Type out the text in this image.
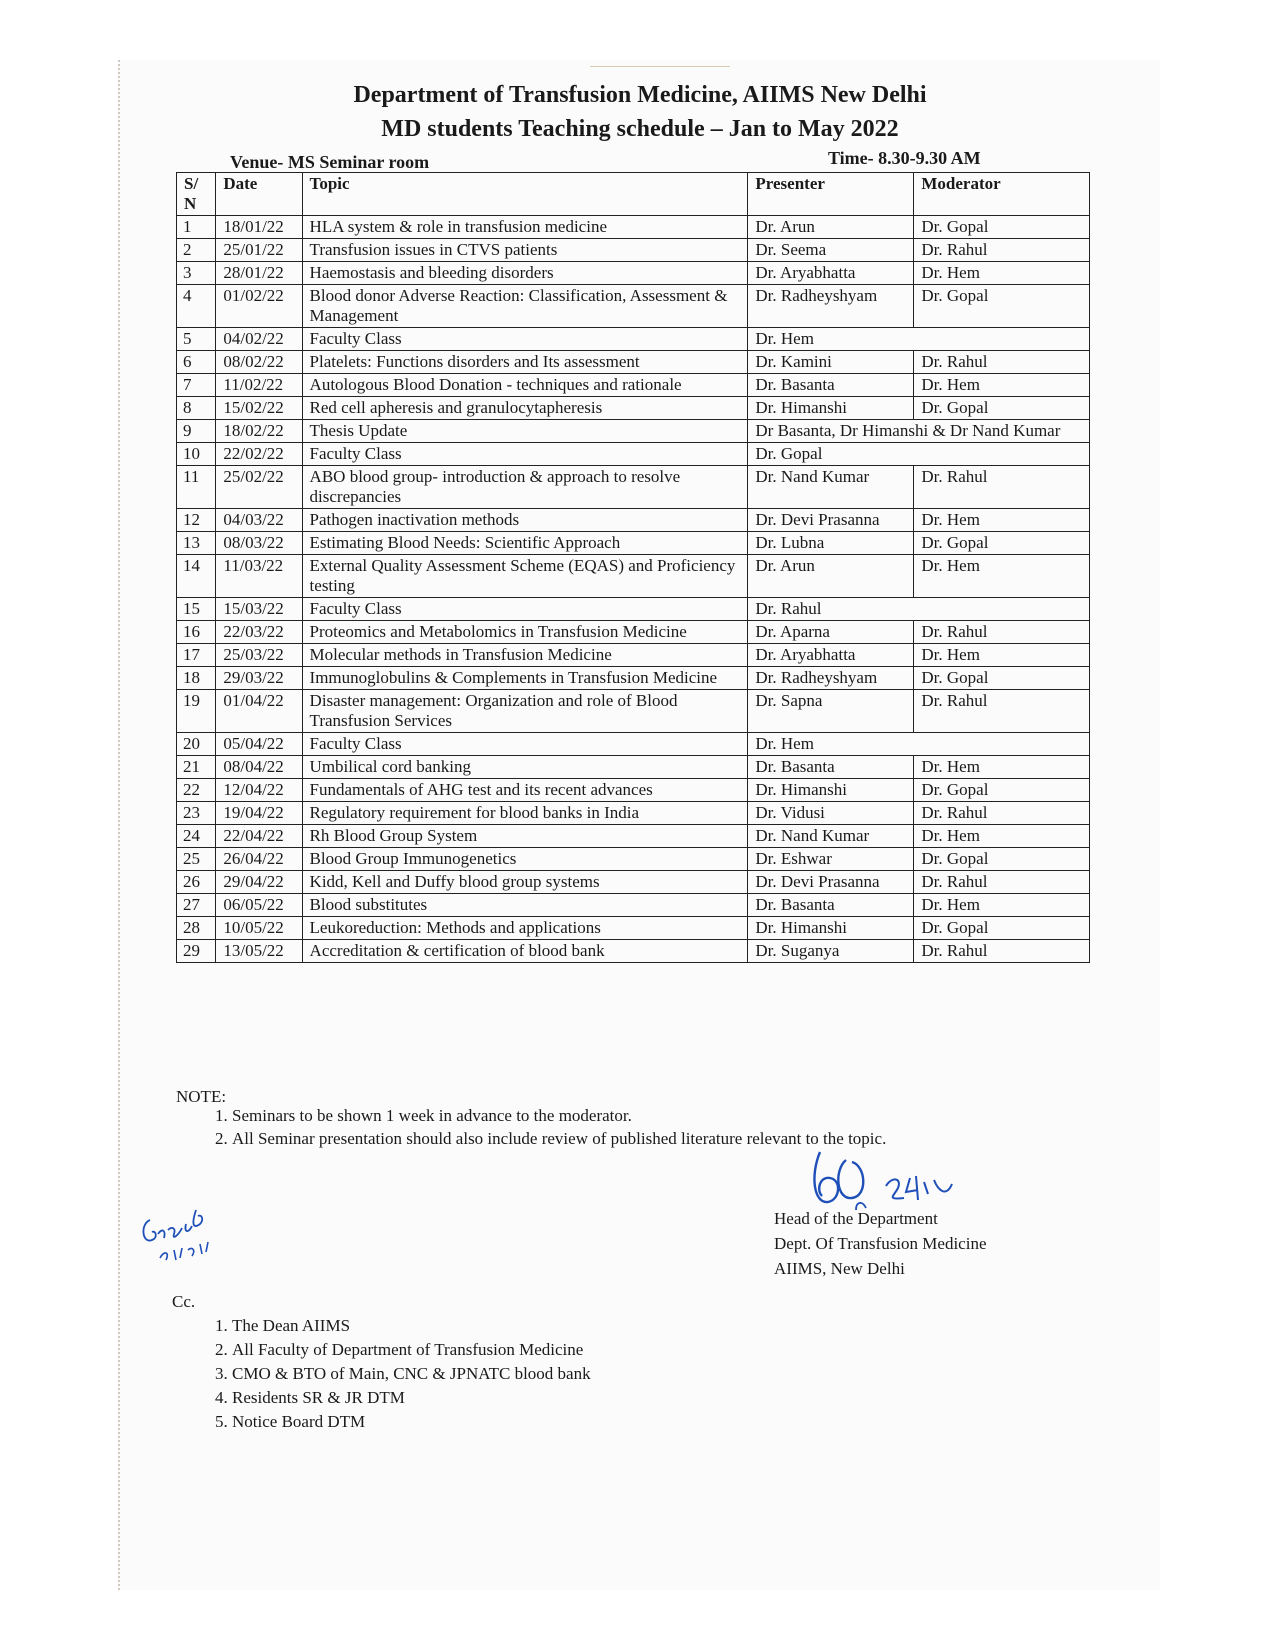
Department of Transfusion Medicine, AIIMS New Delhi
MD students Teaching schedule – Jan to May 2022
Venue- MS Seminar room	Time- 8.30-9.30 AM
S/ N	Date	Topic	Presenter	Moderator
1	18/01/22	HLA system & role in transfusion medicine	Dr. Arun	Dr. Gopal
2	25/01/22	Transfusion issues in CTVS patients	Dr. Seema	Dr. Rahul
3	28/01/22	Haemostasis and bleeding disorders	Dr. Aryabhatta	Dr. Hem
4	01/02/22	Blood donor Adverse Reaction: Classification, Assessment & Management	Dr. Radheyshyam	Dr. Gopal
5	04/02/22	Faculty Class	Dr. Hem	
6	08/02/22	Platelets: Functions disorders and Its assessment	Dr. Kamini	Dr. Rahul
7	11/02/22	Autologous Blood Donation - techniques and rationale	Dr. Basanta	Dr. Hem
8	15/02/22	Red cell apheresis and granulocytapheresis	Dr. Himanshi	Dr. Gopal
9	18/02/22	Thesis Update	Dr Basanta, Dr Himanshi & Dr Nand Kumar	
10	22/02/22	Faculty Class	Dr. Gopal	
11	25/02/22	ABO blood group- introduction & approach to resolve discrepancies	Dr. Nand Kumar	Dr. Rahul
12	04/03/22	Pathogen inactivation methods	Dr. Devi Prasanna	Dr. Hem
13	08/03/22	Estimating Blood Needs: Scientific Approach	Dr. Lubna	Dr. Gopal
14	11/03/22	External Quality Assessment Scheme (EQAS) and Proficiency testing	Dr. Arun	Dr. Hem
15	15/03/22	Faculty Class	Dr. Rahul	
16	22/03/22	Proteomics and Metabolomics in Transfusion Medicine	Dr. Aparna	Dr. Rahul
17	25/03/22	Molecular methods in Transfusion Medicine	Dr. Aryabhatta	Dr. Hem
18	29/03/22	Immunoglobulins & Complements in Transfusion Medicine	Dr. Radheyshyam	Dr. Gopal
19	01/04/22	Disaster management: Organization and role of Blood Transfusion Services	Dr. Sapna	Dr. Rahul
20	05/04/22	Faculty Class	Dr. Hem	
21	08/04/22	Umbilical cord banking	Dr. Basanta	Dr. Hem
22	12/04/22	Fundamentals of AHG test and its recent advances	Dr. Himanshi	Dr. Gopal
23	19/04/22	Regulatory requirement for blood banks in India	Dr. Vidusi	Dr. Rahul
24	22/04/22	Rh Blood Group System	Dr. Nand Kumar	Dr. Hem
25	26/04/22	Blood Group Immunogenetics	Dr. Eshwar	Dr. Gopal
26	29/04/22	Kidd, Kell and Duffy blood group systems	Dr. Devi Prasanna	Dr. Rahul
27	06/05/22	Blood substitutes	Dr. Basanta	Dr. Hem
28	10/05/22	Leukoreduction: Methods and applications	Dr. Himanshi	Dr. Gopal
29	13/05/22	Accreditation & certification of blood bank	Dr. Suganya	Dr. Rahul
NOTE:
1. Seminars to be shown 1 week in advance to the moderator.
2. All Seminar presentation should also include review of published literature relevant to the topic.
Head of the Department
Dept. Of Transfusion Medicine
AIIMS, New Delhi
Cc.
1. The Dean AIIMS
2. All Faculty of Department of Transfusion Medicine
3. CMO & BTO of Main, CNC & JPNATC blood bank
4. Residents SR & JR DTM
5. Notice Board DTM
